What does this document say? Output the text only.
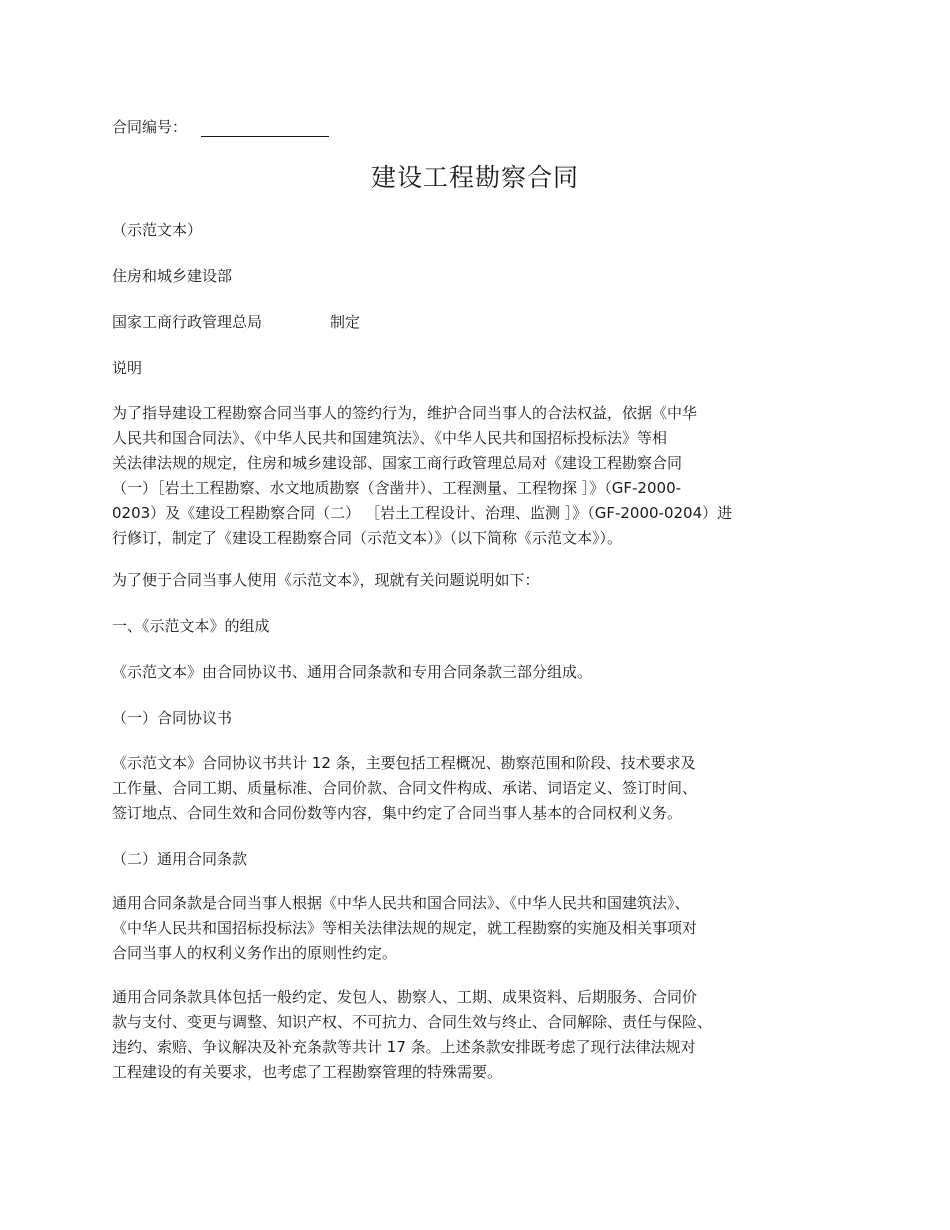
合同编号：
建设工程勘察合同
（示范文本）
住房和城乡建设部
国家工商行政管理总局	制定
说明
为了指导建设工程勘察合同当事人的签约行为，维护合同当事人的合法权益，依据《中华
人民共和国合同法》、《中华人民共和国建筑法》、《中华人民共和国招标投标法》等相
关法律法规的规定，住房和城乡建设部、国家工商行政管理总局对《建设工程勘察合同
（一）［岩土工程勘察、水文地质勘察（含凿井）、工程测量、工程物探 ］》（GF-2000-
0203）及《建设工程勘察合同（二） ［岩土工程设计、治理、监测 ］》（GF-2000-0204）进
行修订，制定了《建设工程勘察合同（示范文本）》（以下简称《示范文本》）。
为了便于合同当事人使用《示范文本》，现就有关问题说明如下：
一、《示范文本》的组成
《示范文本》由合同协议书、通用合同条款和专用合同条款三部分组成。
（一）合同协议书
《示范文本》合同协议书共计 12 条，主要包括工程概况、勘察范围和阶段、技术要求及
工作量、合同工期、质量标准、合同价款、合同文件构成、承诺、词语定义、签订时间、
签订地点、合同生效和合同份数等内容，集中约定了合同当事人基本的合同权利义务。
（二）通用合同条款
通用合同条款是合同当事人根据《中华人民共和国合同法》、《中华人民共和国建筑法》、
《中华人民共和国招标投标法》等相关法律法规的规定，就工程勘察的实施及相关事项对
合同当事人的权利义务作出的原则性约定。
通用合同条款具体包括一般约定、发包人、勘察人、工期、成果资料、后期服务、合同价
款与支付、变更与调整、知识产权、不可抗力、合同生效与终止、合同解除、责任与保险、
违约、索赔、争议解决及补充条款等共计 17 条。上述条款安排既考虑了现行法律法规对
工程建设的有关要求，也考虑了工程勘察管理的特殊需要。
